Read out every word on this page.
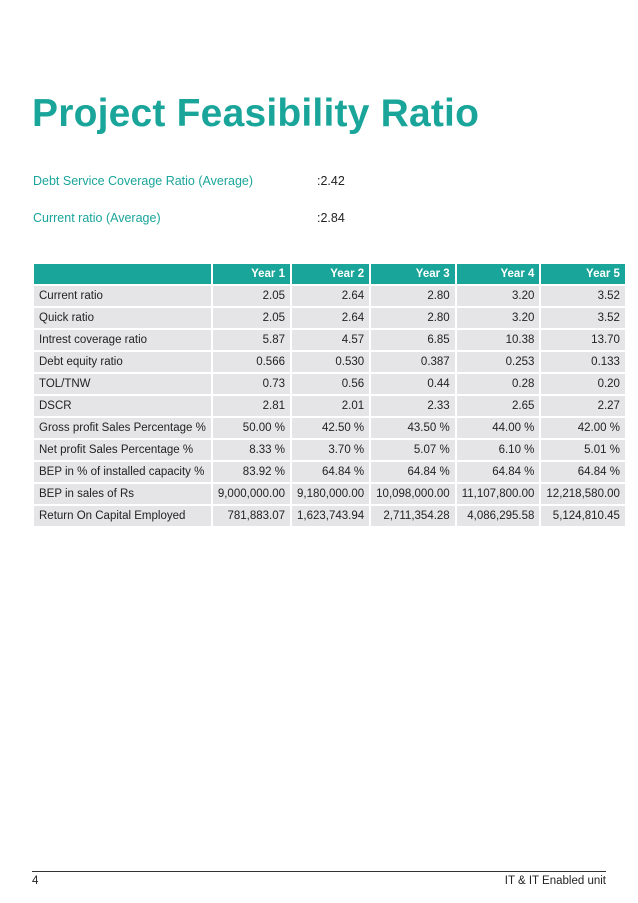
Project Feasibility Ratio
Debt Service Coverage Ratio (Average)	:2.42
Current ratio (Average)	:2.84
	Year 1	Year 2	Year 3	Year 4	Year 5
Current ratio	2.05	2.64	2.80	3.20	3.52
Quick ratio	2.05	2.64	2.80	3.20	3.52
Intrest coverage ratio	5.87	4.57	6.85	10.38	13.70
Debt equity ratio	0.566	0.530	0.387	0.253	0.133
TOL/TNW	0.73	0.56	0.44	0.28	0.20
DSCR	2.81	2.01	2.33	2.65	2.27
Gross profit Sales Percentage %	50.00 %	42.50 %	43.50 %	44.00 %	42.00 %
Net profit Sales Percentage %	8.33 %	3.70 %	5.07 %	6.10 %	5.01 %
BEP in % of installed capacity %	83.92 %	64.84 %	64.84 %	64.84 %	64.84 %
BEP in sales of Rs	9,000,000.00	9,180,000.00	10,098,000.00	11,107,800.00	12,218,580.00
Return On Capital Employed	781,883.07	1,623,743.94	2,711,354.28	4,086,295.58	5,124,810.45
4	IT & IT Enabled unit
